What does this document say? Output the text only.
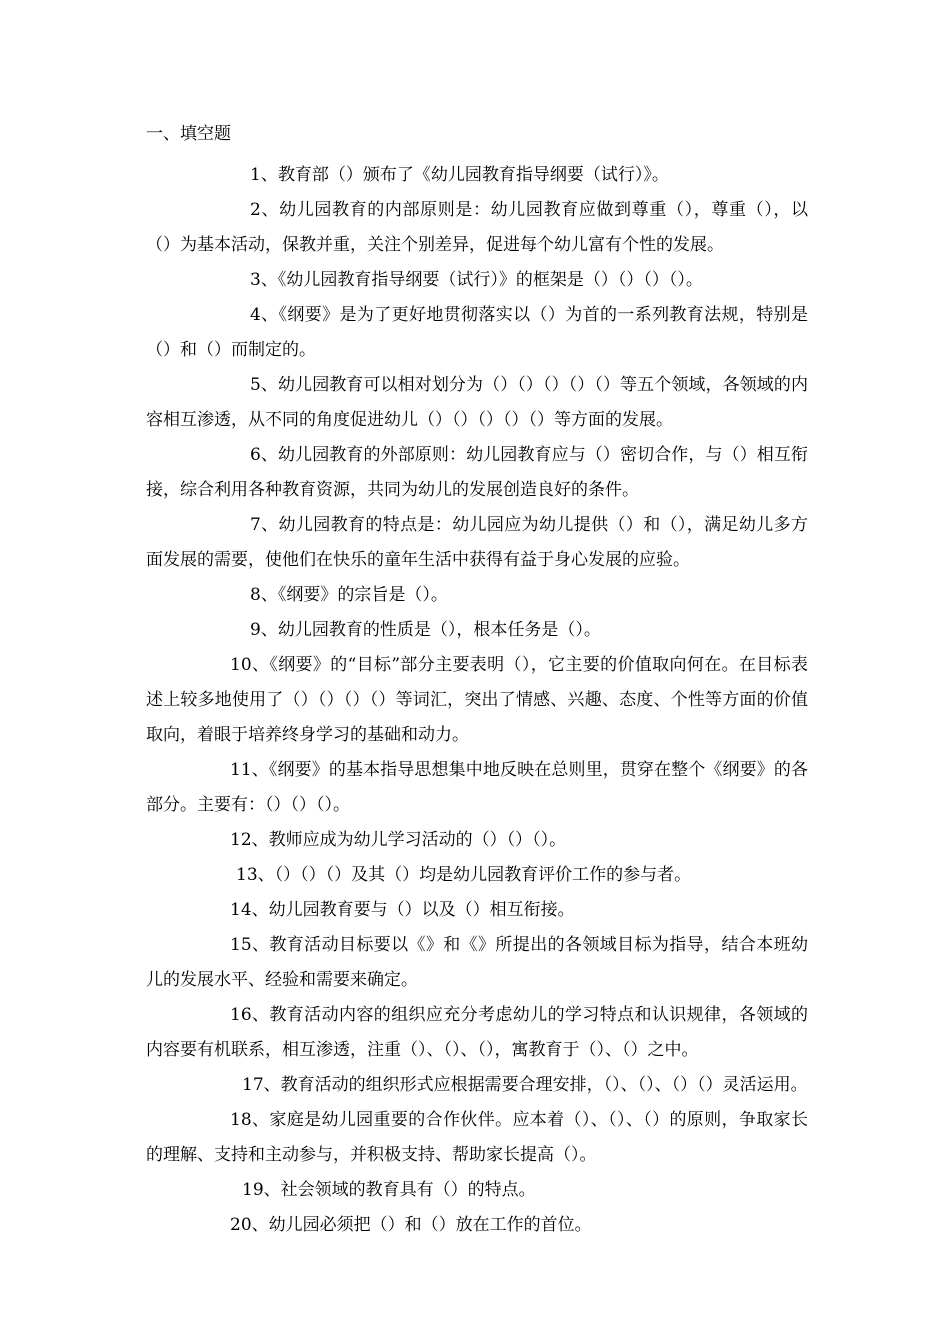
一、填空题

1、教育部（）颁布了《幼儿园教育指导纲要（试行）》。

2、幼儿园教育的内部原则是：幼儿园教育应做到尊重（），尊重（），以（）为基本活动，保教并重，关注个别差异，促进每个幼儿富有个性的发展。

3、《幼儿园教育指导纲要（试行）》的框架是（）（）（）（）。

4、《纲要》是为了更好地贯彻落实以（）为首的一系列教育法规，特别是（）和（）而制定的。

5、幼儿园教育可以相对划分为（）（）（）（）（）等五个领域，各领域的内容相互渗透，从不同的角度促进幼儿（）（）（）（）（）等方面的发展。

6、幼儿园教育的外部原则：幼儿园教育应与（）密切合作，与（）相互衔接，综合利用各种教育资源，共同为幼儿的发展创造良好的条件。

7、幼儿园教育的特点是：幼儿园应为幼儿提供（）和（），满足幼儿多方面发展的需要，使他们在快乐的童年生活中获得有益于身心发展的应验。

8、《纲要》的宗旨是（）。

9、幼儿园教育的性质是（），根本任务是（）。

10、《纲要》的“目标”部分主要表明（），它主要的价值取向何在。在目标表述上较多地使用了（）（）（）（）等词汇，突出了情感、兴趣、态度、个性等方面的价值取向，着眼于培养终身学习的基础和动力。

11、《纲要》的基本指导思想集中地反映在总则里，贯穿在整个《纲要》的各部分。主要有：（）（）（）。

12、教师应成为幼儿学习活动的（）（）（）。

13、（）（）（）及其（）均是幼儿园教育评价工作的参与者。

14、幼儿园教育要与（）以及（）相互衔接。

15、教育活动目标要以《》和《》所提出的各领域目标为指导，结合本班幼儿的发展水平、经验和需要来确定。

16、教育活动内容的组织应充分考虑幼儿的学习特点和认识规律，各领域的内容要有机联系，相互渗透，注重（）、（）、（），寓教育于（）、（）之中。

17、教育活动的组织形式应根据需要合理安排，（）、（）、（）（）灵活运用。

18、家庭是幼儿园重要的合作伙伴。应本着（）、（）、（）的原则，争取家长的理解、支持和主动参与，并积极支持、帮助家长提高（）。

19、社会领域的教育具有（）的特点。

20、幼儿园必须把（）和（）放在工作的首位。
